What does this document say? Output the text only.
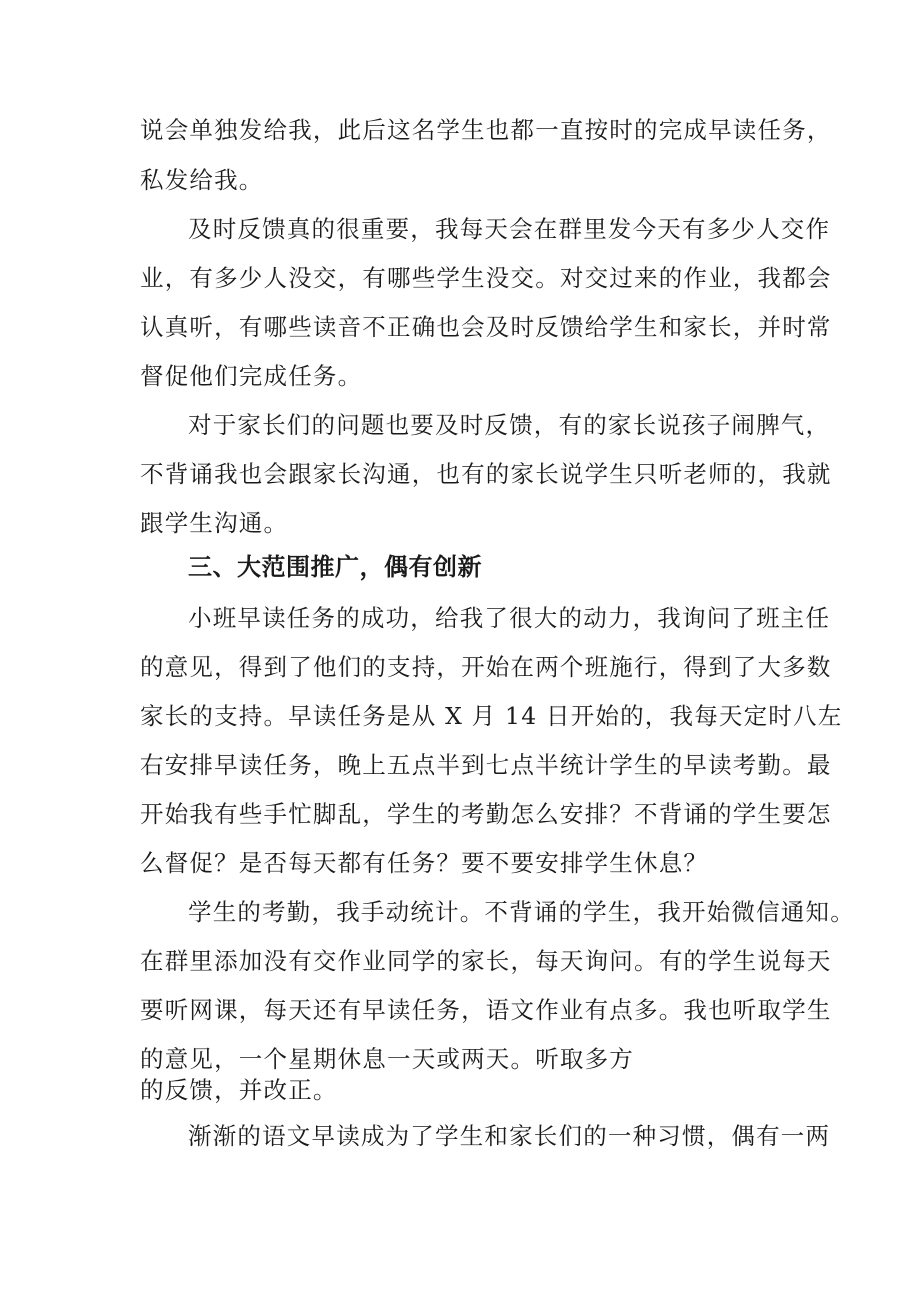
说会单独发给我，此后这名学生也都一直按时的完成早读任务，
私发给我。
及时反馈真的很重要，我每天会在群里发今天有多少人交作
业，有多少人没交，有哪些学生没交。对交过来的作业，我都会
认真听，有哪些读音不正确也会及时反馈给学生和家长，并时常
督促他们完成任务。
对于家长们的问题也要及时反馈，有的家长说孩子闹脾气，
不背诵我也会跟家长沟通，也有的家长说学生只听老师的，我就
跟学生沟通。
三、大范围推广，偶有创新
小班早读任务的成功，给我了很大的动力，我询问了班主任
的意见，得到了他们的支持，开始在两个班施行，得到了大多数
家长的支持。早读任务是从 X 月 14 日开始的，我每天定时八左
右安排早读任务，晚上五点半到七点半统计学生的早读考勤。最
开始我有些手忙脚乱，学生的考勤怎么安排？不背诵的学生要怎
么督促？是否每天都有任务？要不要安排学生休息？
学生的考勤，我手动统计。不背诵的学生，我开始微信通知。
在群里添加没有交作业同学的家长，每天询问。有的学生说每天
要听网课，每天还有早读任务，语文作业有点多。我也听取学生
的意见，一个星期休息一天或两天。听取多方
的反馈，并改正。
渐渐的语文早读成为了学生和家长们的一种习惯，偶有一两
